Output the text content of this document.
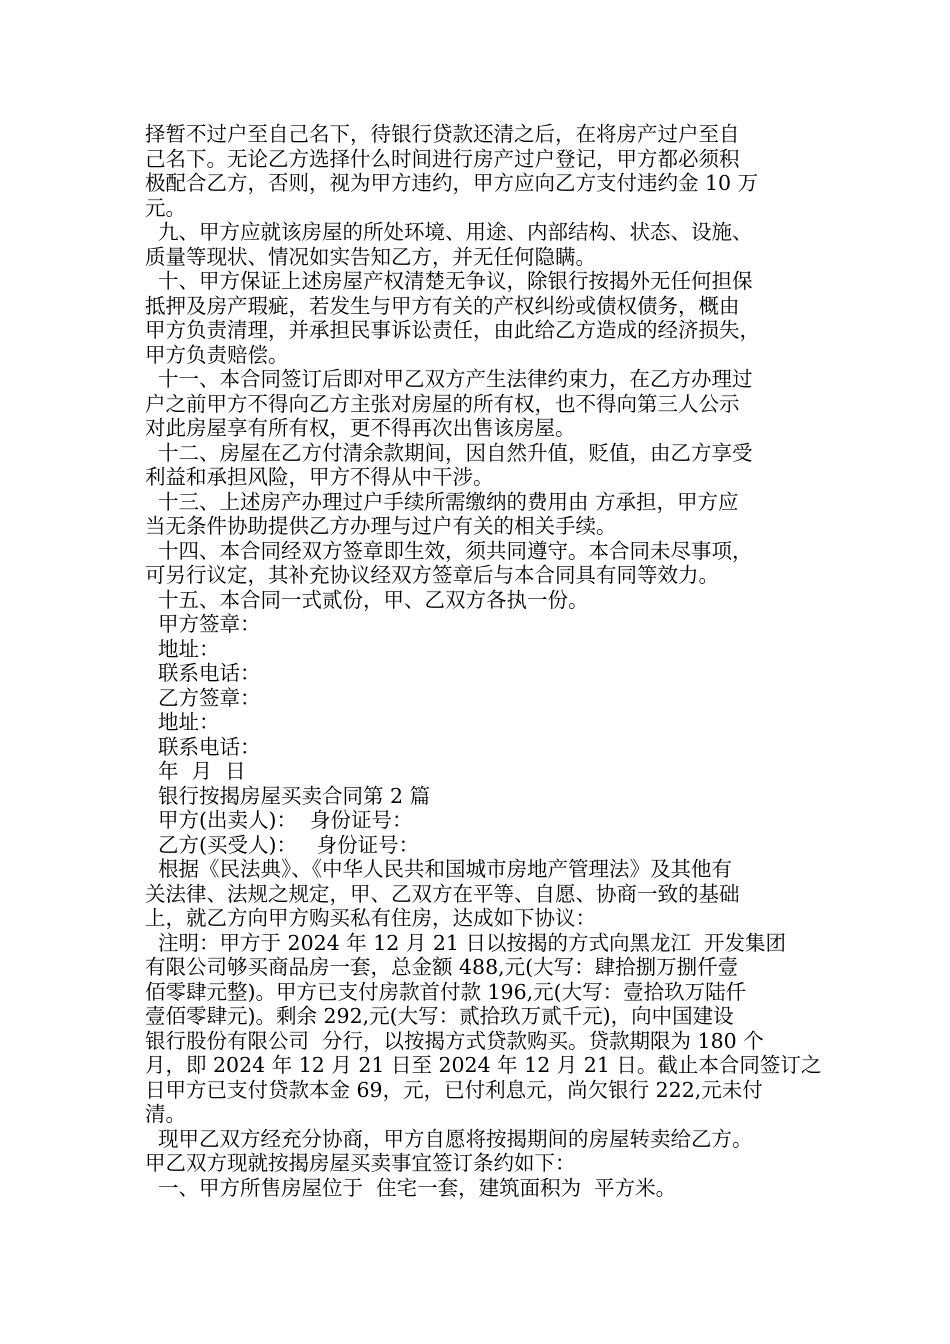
择暂不过户至自己名下，待银行贷款还清之后，在将房产过户至自
己名下。无论乙方选择什么时间进行房产过户登记，甲方都必须积
极配合乙方，否则，视为甲方违约，甲方应向乙方支付违约金 10 万
元。
九、甲方应就该房屋的所处环境、用途、内部结构、状态、设施、
质量等现状、情况如实告知乙方，并无任何隐瞒。
十、甲方保证上述房屋产权清楚无争议，除银行按揭外无任何担保
抵押及房产瑕疵，若发生与甲方有关的产权纠纷或债权债务，概由
甲方负责清理，并承担民事诉讼责任，由此给乙方造成的经济损失，
甲方负责赔偿。
十一、本合同签订后即对甲乙双方产生法律约束力，在乙方办理过
户之前甲方不得向乙方主张对房屋的所有权，也不得向第三人公示
对此房屋享有所有权，更不得再次出售该房屋。
十二、房屋在乙方付清余款期间，因自然升值，贬值，由乙方享受
利益和承担风险，甲方不得从中干涉。
十三、上述房产办理过户手续所需缴纳的费用由 方承担，甲方应
当无条件协助提供乙方办理与过户有关的相关手续。
十四、本合同经双方签章即生效，须共同遵守。本合同未尽事项，
可另行议定，其补充协议经双方签章后与本合同具有同等效力。
十五、本合同一式贰份，甲、乙双方各执一份。
甲方签章：
地址：
联系电话：
乙方签章：
地址：
联系电话：
年  月  日
银行按揭房屋买卖合同第 2 篇
甲方(出卖人)：  身份证号：
乙方(买受人)：   身份证号：
根据《民法典》、《中华人民共和国城市房地产管理法》及其他有
关法律、法规之规定，甲、乙双方在平等、自愿、协商一致的基础
上，就乙方向甲方购买私有住房，达成如下协议：
注明：甲方于 2024 年 12 月 21 日以按揭的方式向黑龙江  开发集团
有限公司够买商品房一套，总金额 488,元(大写：肆拾捌万捌仟壹
佰零肆元整)。甲方已支付房款首付款 196,元(大写：壹拾玖万陆仟
壹佰零肆元)。剩余 292,元(大写：贰拾玖万贰千元)，向中国建设
银行股份有限公司  分行，以按揭方式贷款购买。贷款期限为 180 个
月，即 2024 年 12 月 21 日至 2024 年 12 月 21 日。截止本合同签订之
日甲方已支付贷款本金 69，元，已付利息元，尚欠银行 222,元未付
清。
现甲乙双方经充分协商，甲方自愿将按揭期间的房屋转卖给乙方。
甲乙双方现就按揭房屋买卖事宜签订条约如下：
一、甲方所售房屋位于  住宅一套，建筑面积为  平方米。
